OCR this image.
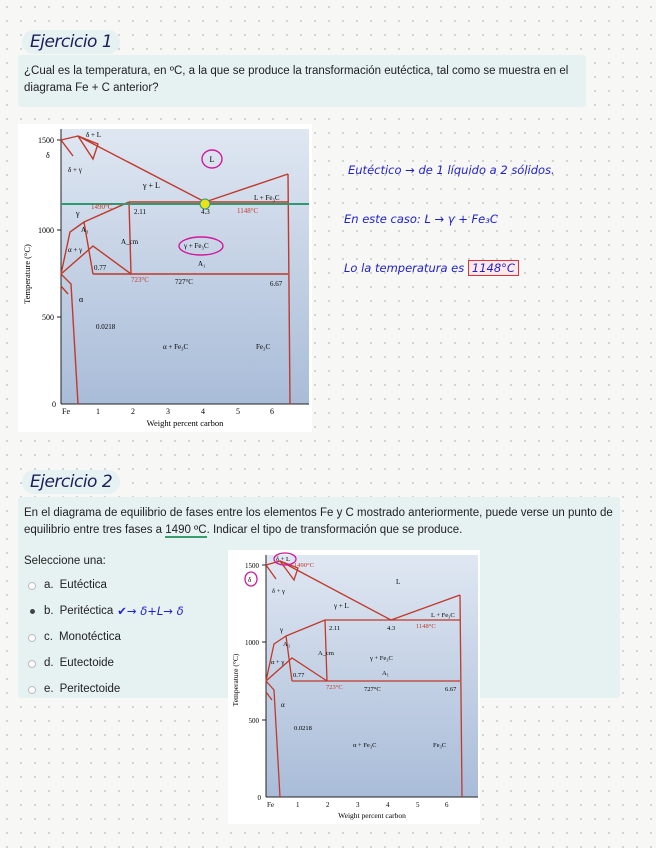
Ejercicio 1
¿Cual es la temperatura, en ºC, a la que se produce la transformación eutéctica, tal como se muestra en el diagrama Fe + C anterior?
1500
1000
500
0
Fe	1	2	3	4	5	6
Weight percent carbon
Temperature (°C)
1490°C
δ + L
δ
δ + γ
L
γ + L
L + Fe₃C
1148°C
2.11	4.3
γ
A₃
A_cm	γ + Fe₃C
A₁
α + γ
0.77
723°C	727°C	6.67
α
0.0218
α + Fe₃C	Fe₃C
Eutéctico → de 1 líquido a 2 sólidos.
En este caso: L → γ + Fe₃C
Lo la temperatura es 1148°C
Ejercicio 2
En el diagrama de equilibrio de fases entre los elementos Fe y C mostrado anteriormente, puede verse un punto de equilibrio entre tres fases a 1490 ºC. Indicar el tipo de transformación que se produce.
Seleccione una:
a. Eutéctica
b. Peritéctica ✔→ δ+L→ δ
c. Monotéctica
d. Eutectoide
e. Peritectoide
1500
1000
500
0
Fe	1	2	3	4	5	6
Weight percent carbon
Temperature (°C)
1490°C
δ + L
δ
δ + γ
L
γ + L
L + Fe₃C
1148°C
2.11	4.3
γ
A₃
A_cm
γ + Fe₃C
A₁
α + γ
0.77
723°C	727°C	6.67
α
0.0218
α + Fe₃C	Fe₃C
